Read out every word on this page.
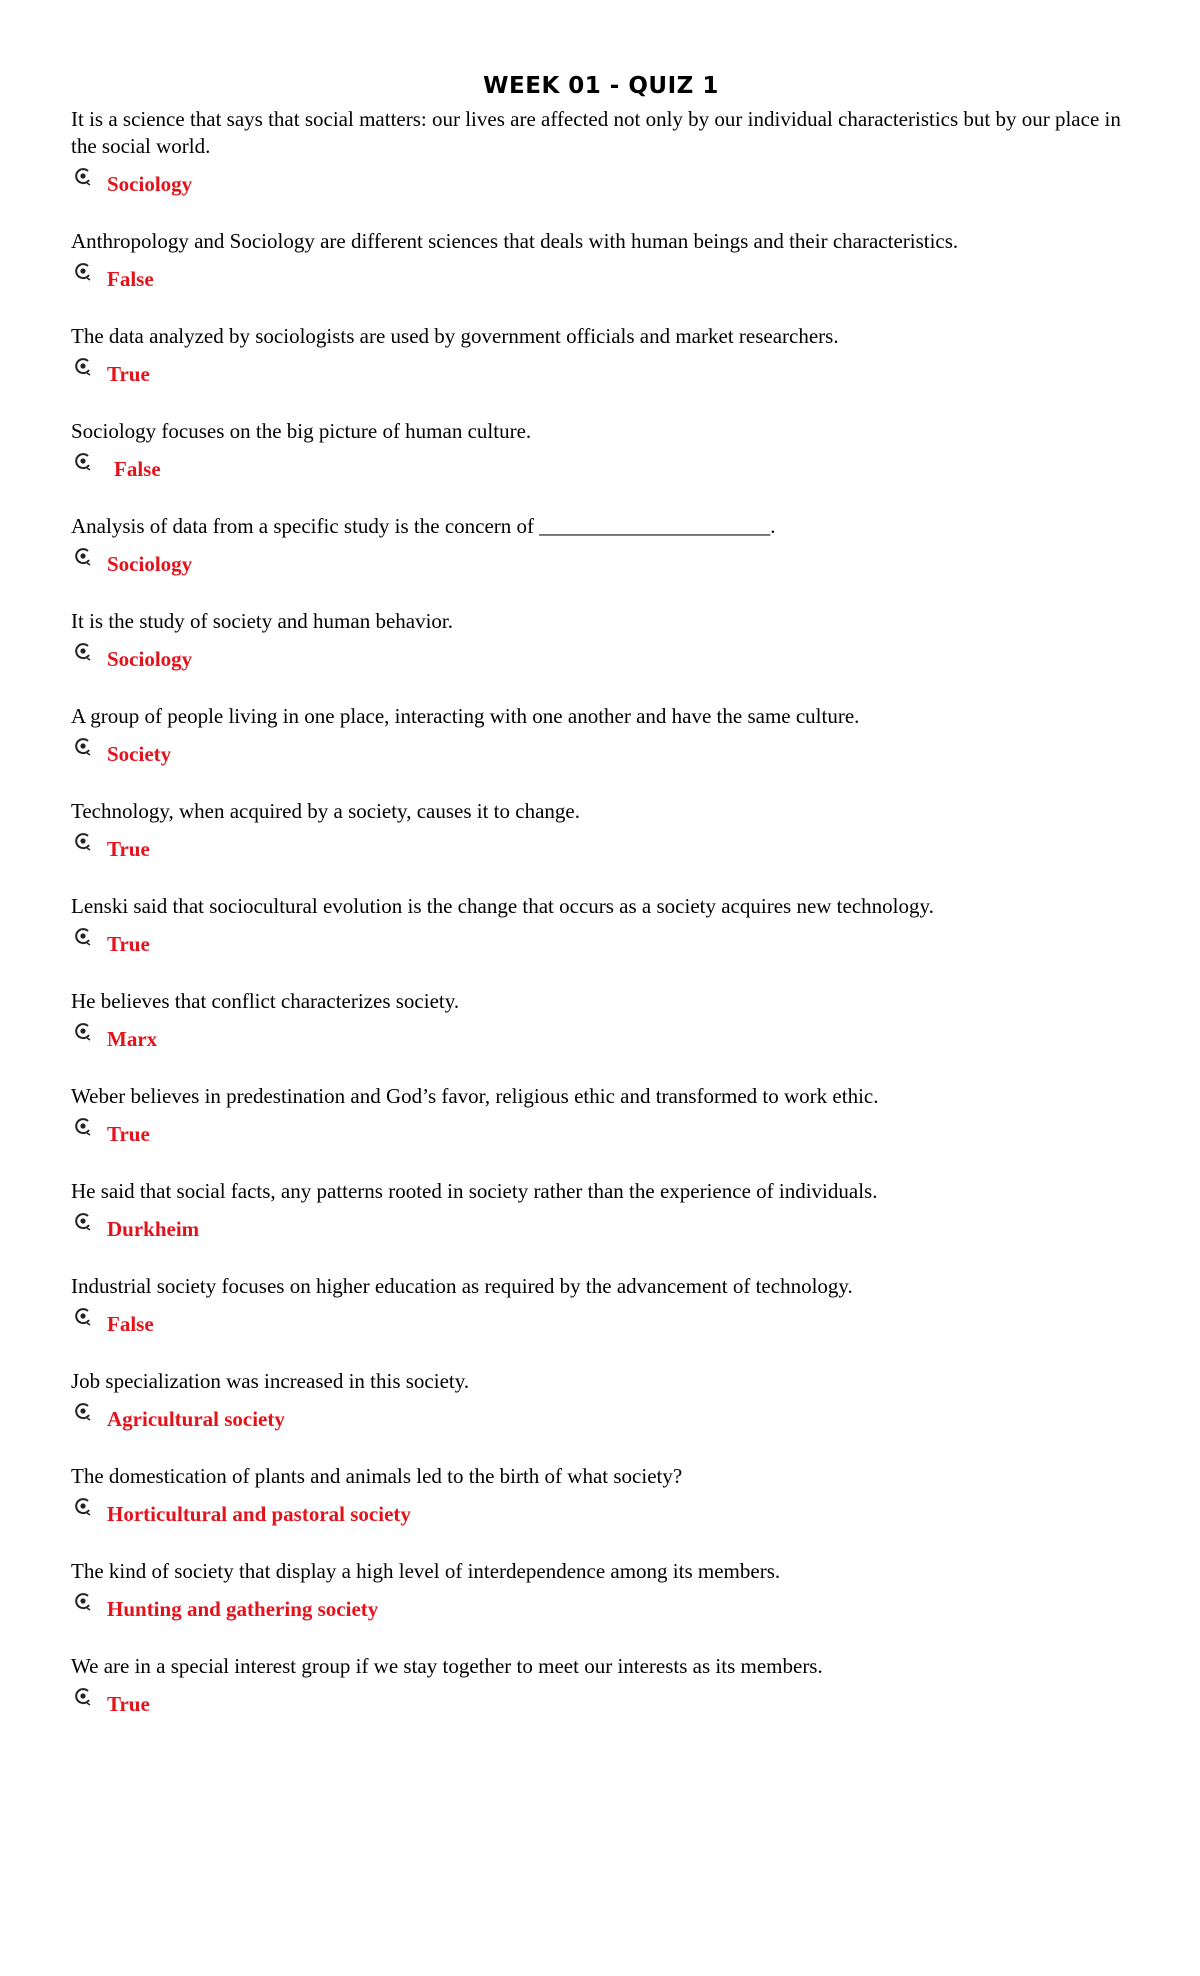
WEEK 01 - QUIZ 1

It is a science that says that social matters: our lives are affected not only by our individual characteristics but by our place in the social world.

Sociology

Anthropology and Sociology are different sciences that deals with human beings and their characteristics.

False

The data analyzed by sociologists are used by government officials and market researchers.

True

Sociology focuses on the big picture of human culture.

False

Analysis of data from a specific study is the concern of ______________________.

Sociology

It is the study of society and human behavior.

Sociology

A group of people living in one place, interacting with one another and have the same culture.

Society

Technology, when acquired by a society, causes it to change.

True

Lenski said that sociocultural evolution is the change that occurs as a society acquires new technology.

True

He believes that conflict characterizes society.

Marx

Weber believes in predestination and God’s favor, religious ethic and transformed to work ethic.

True

He said that social facts, any patterns rooted in society rather than the experience of individuals.

Durkheim

Industrial society focuses on higher education as required by the advancement of technology.

False

Job specialization was increased in this society.

Agricultural society

The domestication of plants and animals led to the birth of what society?

Horticultural and pastoral society

The kind of society that display a high level of interdependence among its members.

Hunting and gathering society

We are in a special interest group if we stay together to meet our interests as its members.

True
